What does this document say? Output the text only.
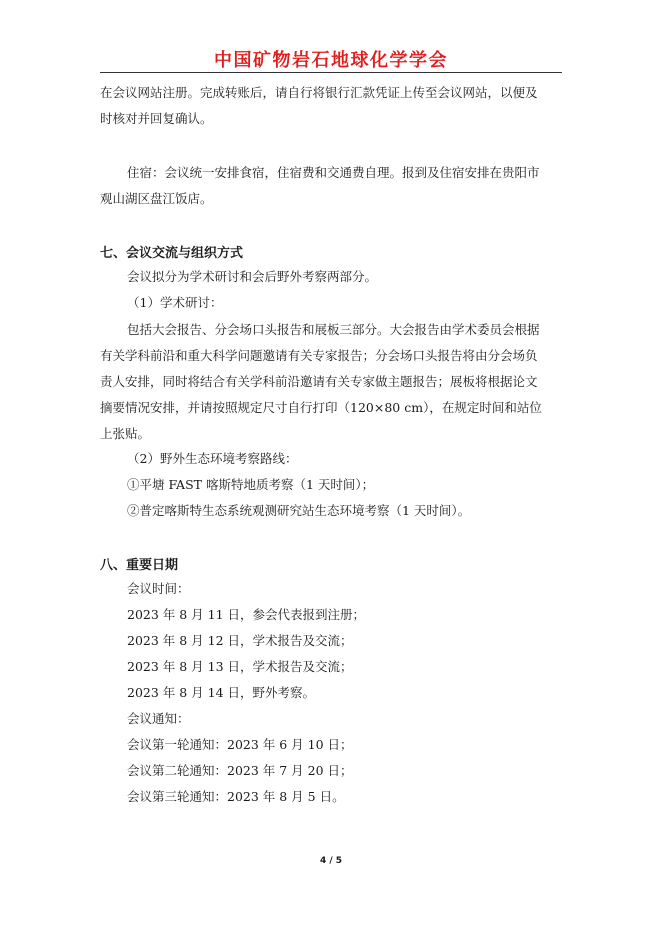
中国矿物岩石地球化学学会
在会议网站注册。完成转账后，请自行将银行汇款凭证上传至会议网站，以便及
时核对并回复确认。
住宿：会议统一安排食宿，住宿费和交通费自理。报到及住宿安排在贵阳市
观山湖区盘江饭店。
七、会议交流与组织方式
会议拟分为学术研讨和会后野外考察两部分。
（1）学术研讨：
包括大会报告、分会场口头报告和展板三部分。大会报告由学术委员会根据
有关学科前沿和重大科学问题邀请有关专家报告；分会场口头报告将由分会场负
责人安排，同时将结合有关学科前沿邀请有关专家做主题报告；展板将根据论文
摘要情况安排，并请按照规定尺寸自行打印（120×80 cm），在规定时间和站位
上张贴。
（2）野外生态环境考察路线：
①平塘 FAST 喀斯特地质考察（1 天时间）；
②普定喀斯特生态系统观测研究站生态环境考察（1 天时间）。
八、重要日期
会议时间：
2023 年 8 月 11 日，参会代表报到注册；
2023 年 8 月 12 日，学术报告及交流；
2023 年 8 月 13 日，学术报告及交流；
2023 年 8 月 14 日，野外考察。
会议通知：
会议第一轮通知：2023 年 6 月 10 日；
会议第二轮通知：2023 年 7 月 20 日；
会议第三轮通知：2023 年 8 月 5 日。
4 / 5
